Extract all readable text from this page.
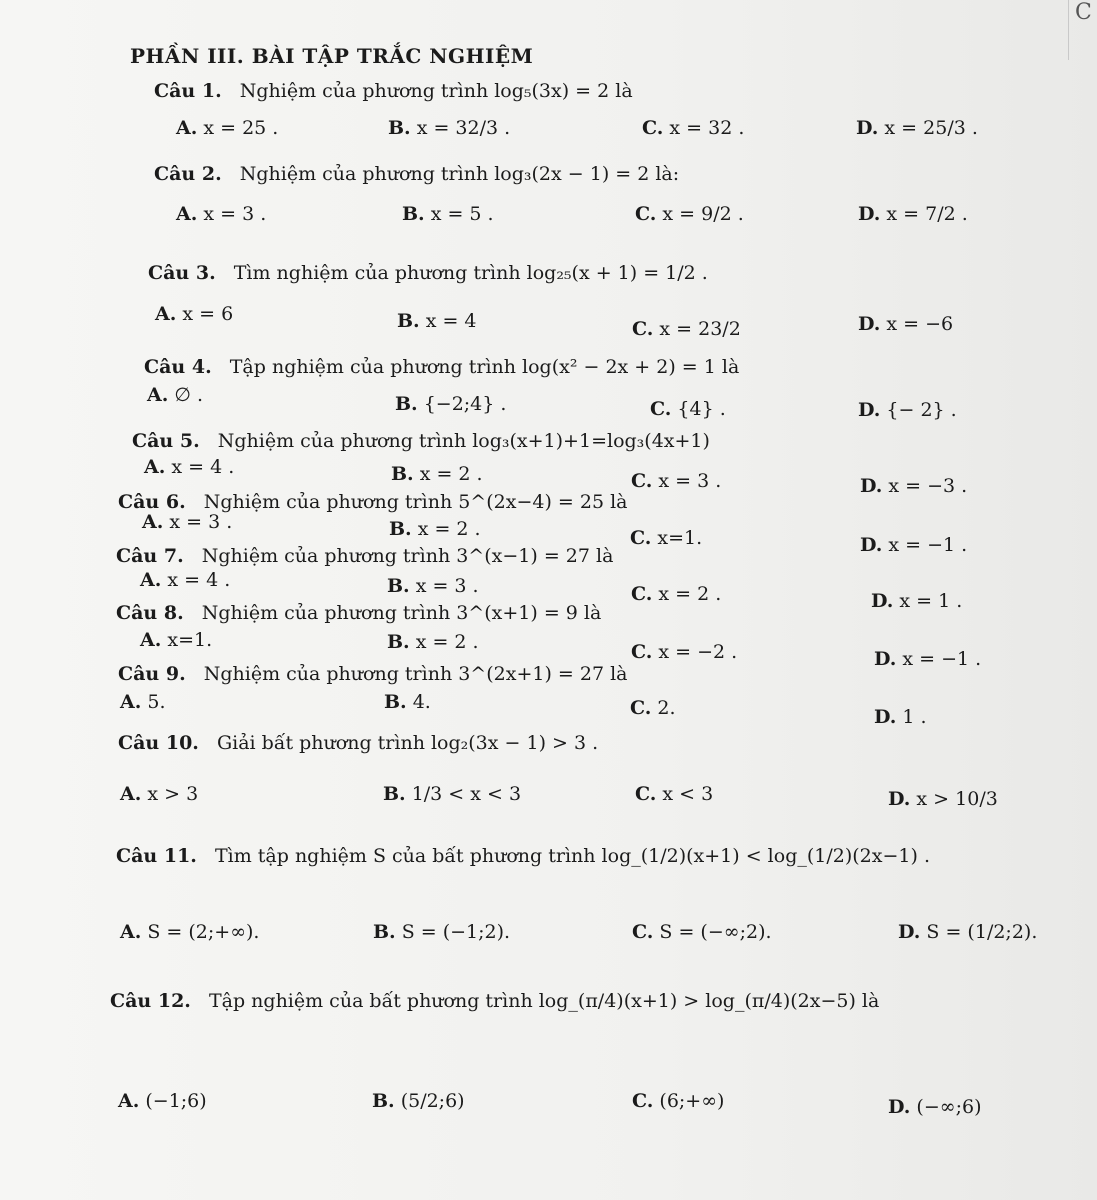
C
PHẦN III. BÀI TẬP TRẮC NGHIỆM
Câu 1. Nghiệm của phương trình log₅(3x) = 2 là
A. x = 25 .	B. x = 32/3 .	C. x = 32 .	D. x = 25/3 .
Câu 2. Nghiệm của phương trình log₃(2x − 1) = 2 là:
A. x = 3 .	B. x = 5 .	C. x = 9/2 .	D. x = 7/2 .
Câu 3. Tìm nghiệm của phương trình log₂₅(x + 1) = 1/2 .
A. x = 6	B. x = 4	C. x = 23/2	D. x = −6
Câu 4. Tập nghiệm của phương trình log(x² − 2x + 2) = 1 là
A. ∅ .	B. {−2;4} .	C. {4} .	D. {− 2} .
Câu 5. Nghiệm của phương trình log₃(x+1)+1=log₃(4x+1)
A. x = 4 .	B. x = 2 .	C. x = 3 .	D. x = −3 .
Câu 6. Nghiệm của phương trình 5^(2x−4) = 25 là
A. x = 3 .	B. x = 2 .	C. x=1.	D. x = −1 .
Câu 7. Nghiệm của phương trình 3^(x−1) = 27 là
A. x = 4 .	B. x = 3 .	C. x = 2 .	D. x = 1 .
Câu 8. Nghiệm của phương trình 3^(x+1) = 9 là
A. x=1.	B. x = 2 .	C. x = −2 .	D. x = −1 .
Câu 9. Nghiệm của phương trình 3^(2x+1) = 27 là
A. 5.	B. 4.	C. 2.	D. 1 .
Câu 10. Giải bất phương trình log₂(3x − 1) > 3 .
A. x > 3	B. 1/3 < x < 3	C. x < 3	D. x > 10/3
Câu 11. Tìm tập nghiệm S của bất phương trình log_(1/2)(x+1) < log_(1/2)(2x−1) .
A. S = (2;+∞).	B. S = (−1;2).	C. S = (−∞;2).	D. S = (1/2;2).
Câu 12. Tập nghiệm của bất phương trình log_(π/4)(x+1) > log_(π/4)(2x−5) là
A. (−1;6)	B. (5/2;6)	C. (6;+∞)	D. (−∞;6)
